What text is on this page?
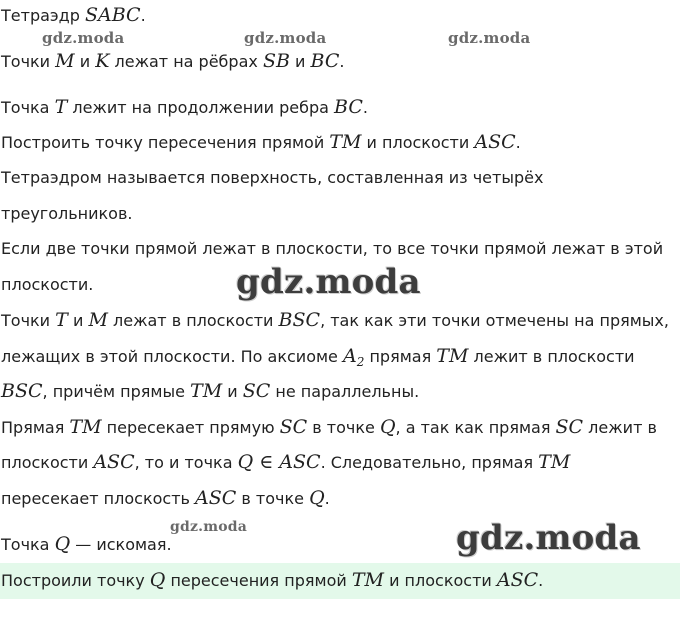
Тетраэдр SABC.

Точки M и K лежат на рёбрах SB и BC.

Точка T лежит на продолжении ребра BC.

Построить точку пересечения прямой TM и плоскости ASC.

Тетраэдром называется поверхность, составленная из четырёх

треугольников.

Если две точки прямой лежат в плоскости, то все точки прямой лежат в этой

плоскости.

Точки T и M лежат в плоскости BSC, так как эти точки отмечены на прямых,

лежащих в этой плоскости. По аксиоме $A_2$ прямая TM лежит в плоскости

BSC, причём прямые TM и SC не параллельны.

Прямая TM пересекает прямую SC в точке Q, а так как прямая SC лежит в

плоскости ASC, то и точка Q ∈ ASC. Следовательно, прямая TM

пересекает плоскость ASC в точке Q.

Точка Q — искомая.

Построили точку Q пересечения прямой TM и плоскости ASC.

gdz.moda	gdz.moda	gdz.moda
gdz.moda
gdz.moda	gdz.moda
